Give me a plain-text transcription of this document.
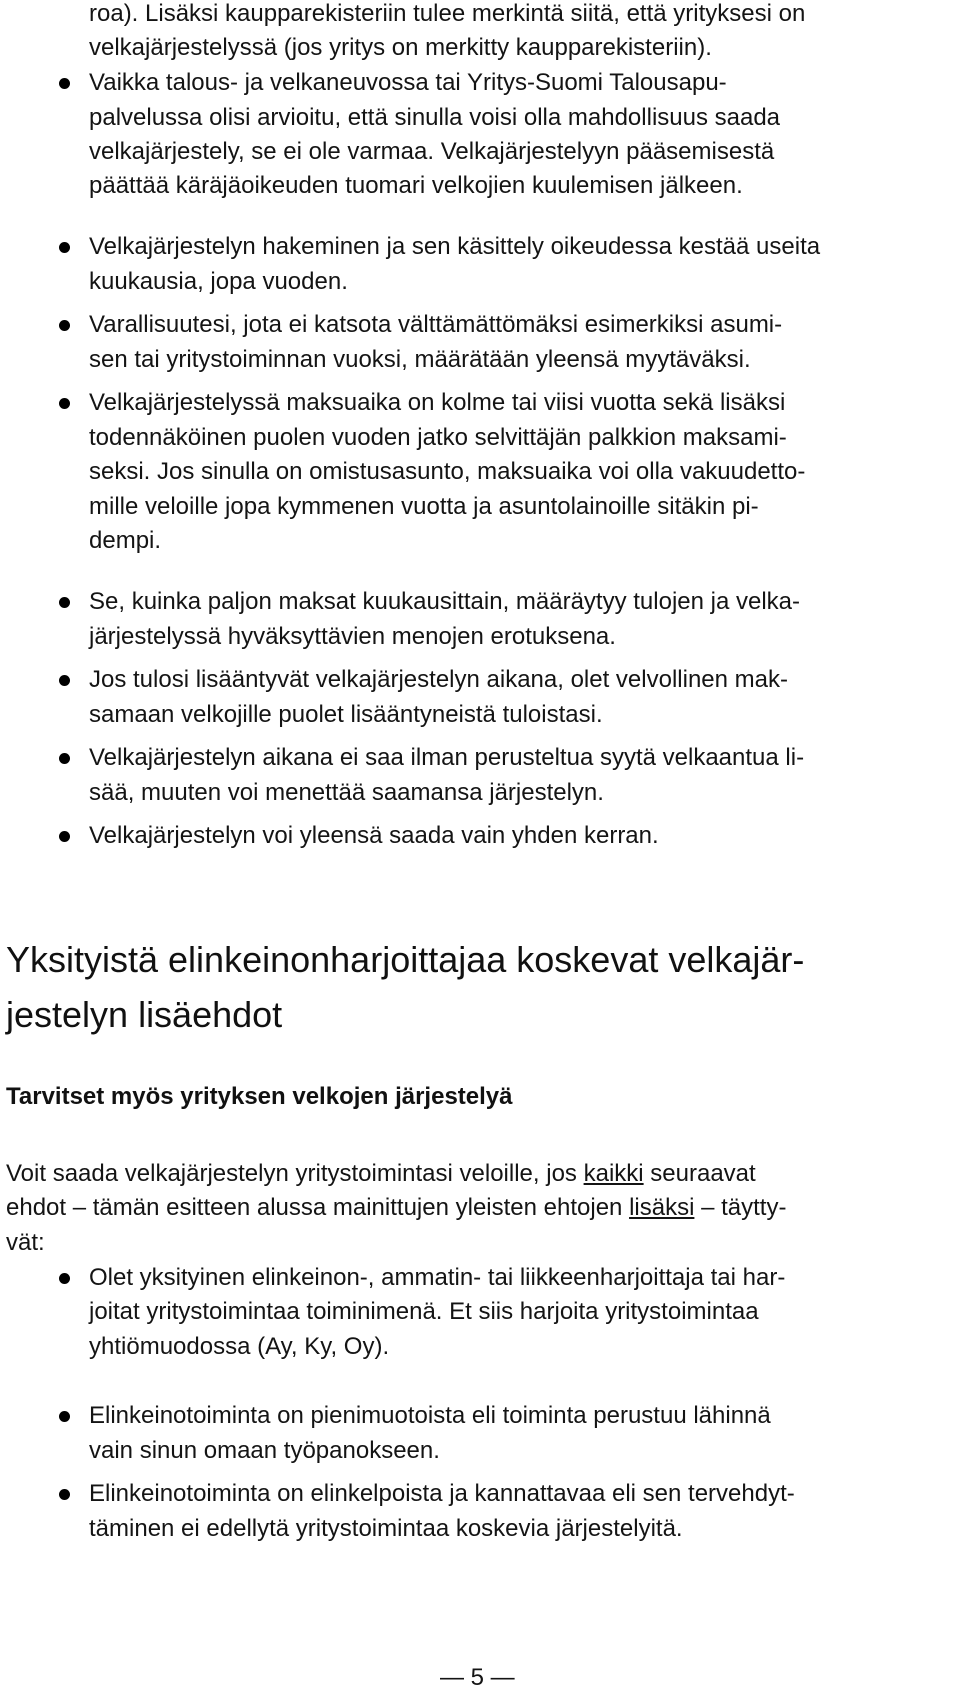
roa). Lisäksi kaupparekisteriin tulee merkintä siitä, että yrityksesi on
velkajärjestelyssä (jos yritys on merkitty kaupparekisteriin).
Vaikka talous- ja velkaneuvossa tai Yritys-Suomi Talousapu-
palvelussa olisi arvioitu, että sinulla voisi olla mahdollisuus saada
velkajärjestely, se ei ole varmaa. Velkajärjestelyyn pääsemisestä
päättää käräjäoikeuden tuomari velkojien kuulemisen jälkeen.
Velkajärjestelyn hakeminen ja sen käsittely oikeudessa kestää useita
kuukausia, jopa vuoden.
Varallisuutesi, jota ei katsota välttämättömäksi esimerkiksi asumi-
sen tai yritystoiminnan vuoksi, määrätään yleensä myytäväksi.
Velkajärjestelyssä maksuaika on kolme tai viisi vuotta sekä lisäksi
todennäköinen puolen vuoden jatko selvittäjän palkkion maksami-
seksi. Jos sinulla on omistusasunto, maksuaika voi olla vakuudetto-
mille veloille jopa kymmenen vuotta ja asuntolainoille sitäkin pi-
dempi.
Se, kuinka paljon maksat kuukausittain, määräytyy tulojen ja velka-
järjestelyssä hyväksyttävien menojen erotuksena.
Jos tulosi lisääntyvät velkajärjestelyn aikana, olet velvollinen mak-
samaan velkojille puolet lisääntyneistä tuloistasi.
Velkajärjestelyn aikana ei saa ilman perusteltua syytä velkaantua li-
sää, muuten voi menettää saamansa järjestelyn.
Velkajärjestelyn voi yleensä saada vain yhden kerran.
Yksityistä elinkeinonharjoittajaa koskevat velkajär-
jestelyn lisäehdot
Tarvitset myös yrityksen velkojen järjestelyä
Voit saada velkajärjestelyn yritystoimintasi veloille, jos kaikki seuraavat
ehdot – tämän esitteen alussa mainittujen yleisten ehtojen lisäksi – täytty-
vät:
Olet yksityinen elinkeinon-, ammatin- tai liikkeenharjoittaja tai har-
joitat yritystoimintaa toiminimenä. Et siis harjoita yritystoimintaa
yhtiömuodossa (Ay, Ky, Oy).
Elinkeinotoiminta on pienimuotoista eli toiminta perustuu lähinnä
vain sinun omaan työpanokseen.
Elinkeinotoiminta on elinkelpoista ja kannattavaa eli sen tervehdyt-
täminen ei edellytä yritystoimintaa koskevia järjestelyitä.
— 5 —
